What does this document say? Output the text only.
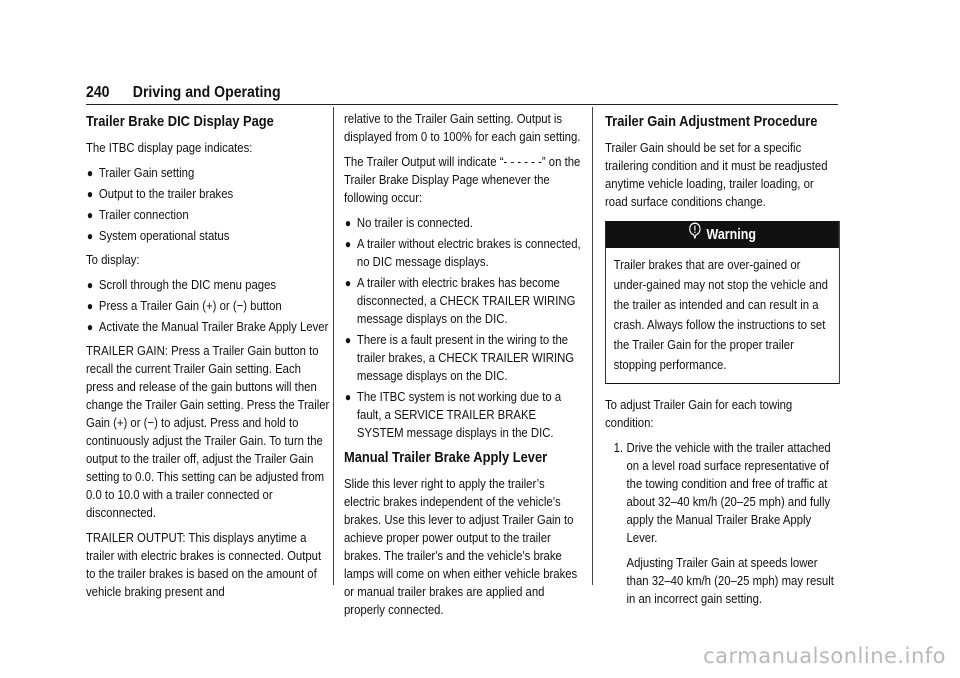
240 Driving and Operating
Trailer Brake DIC Display Page

The ITBC display page indicates:

● Trailer Gain setting
● Output to the trailer brakes
● Trailer connection
● System operational status

To display:

● Scroll through the DIC menu pages
● Press a Trailer Gain (+) or (−) button
● Activate the Manual Trailer Brake Apply Lever

TRAILER GAIN: Press a Trailer Gain button to recall the current Trailer Gain setting. Each press and release of the gain buttons will then change the Trailer Gain setting. Press the Trailer Gain (+) or (−) to adjust. Press and hold to continuously adjust the Trailer Gain. To turn the output to the trailer off, adjust the Trailer Gain setting to 0.0. This setting can be adjusted from 0.0 to 10.0 with a trailer connected or disconnected.

TRAILER OUTPUT: This displays anytime a trailer with electric brakes is connected. Output to the trailer brakes is based on the amount of vehicle braking present and

relative to the Trailer Gain setting. Output is displayed from 0 to 100% for each gain setting.

The Trailer Output will indicate “- - - - - -” on the Trailer Brake Display Page whenever the following occur:

● No trailer is connected.
● A trailer without electric brakes is connected, no DIC message displays.
● A trailer with electric brakes has become disconnected, a CHECK TRAILER WIRING message displays on the DIC.
● There is a fault present in the wiring to the trailer brakes, a CHECK TRAILER WIRING message displays on the DIC.
● The ITBC system is not working due to a fault, a SERVICE TRAILER BRAKE SYSTEM message displays in the DIC.
Manual Trailer Brake Apply Lever

Slide this lever right to apply the trailer’s electric brakes independent of the vehicle’s brakes. Use this lever to adjust Trailer Gain to achieve proper power output to the trailer brakes. The trailer's and the vehicle's brake lamps will come on when either vehicle brakes or manual trailer brakes are applied and properly connected.

Trailer Gain Adjustment Procedure

Trailer Gain should be set for a specific trailering condition and it must be readjusted anytime vehicle loading, trailer loading, or road surface conditions change.

Warning
Trailer brakes that are over-gained or under-gained may not stop the vehicle and the trailer as intended and can result in a crash. Always follow the instructions to set the Trailer Gain for the proper trailer stopping performance.

To adjust Trailer Gain for each towing condition:

1. Drive the vehicle with the trailer attached on a level road surface representative of the towing condition and free of traffic at about 32–40 km/h (20–25 mph) and fully apply the Manual Trailer Brake Apply Lever.

Adjusting Trailer Gain at speeds lower than 32–40 km/h (20–25 mph) may result in an incorrect gain setting.

carmanualsonline.info
